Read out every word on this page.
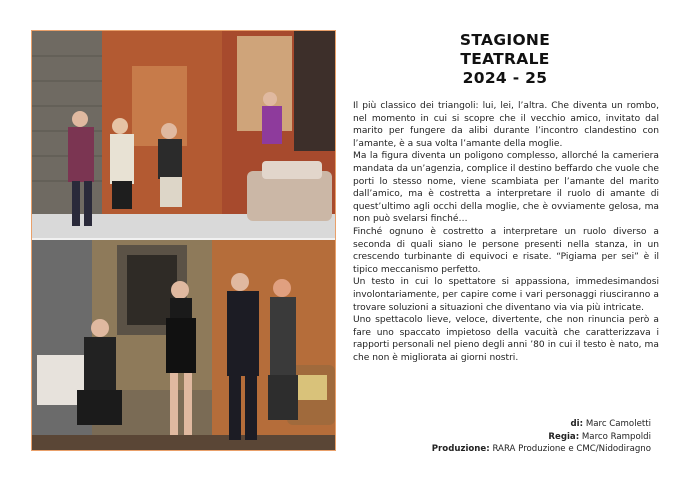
STAGIONE
TEATRALE
2024 - 25

Il più classico dei triangoli: lui, lei, l’altra. Che diventa un rombo, nel momento in cui si scopre che il vecchio amico, invitato dal marito per fungere da alibi durante l’incontro clandestino con l’amante, è a sua volta l’amante della moglie.

Ma la figura diventa un poligono complesso, allorché la cameriera mandata da un’agenzia, complice il destino beffardo che vuole che porti lo stesso nome, viene scambiata per l’amante del marito dall’amico, ma è costretta a interpretare il ruolo di amante di quest’ultimo agli occhi della moglie, che è ovviamente gelosa, ma non può svelarsi finché…

Finché ognuno è costretto a interpretare un ruolo diverso a seconda di quali siano le persone presenti nella stanza, in un crescendo turbinante di equivoci e risate. “Pigiama per sei” è il tipico meccanismo perfetto.

Un testo in cui lo spettatore si appassiona, immedesimandosi involontariamente, per capire come i vari personaggi riusciranno a trovare soluzioni a situazioni che diventano via via più intricate.

Uno spettacolo lieve, veloce, divertente, che non rinuncia però a fare uno spaccato impietoso della vacuità che caratterizzava i rapporti personali nel pieno degli anni ’80 in cui il testo è nato, ma che non è migliorata ai giorni nostri.

di: Marc Camoletti
Regia: Marco Rampoldi
Produzione: RARA Produzione e CMC/Nidodiragno
